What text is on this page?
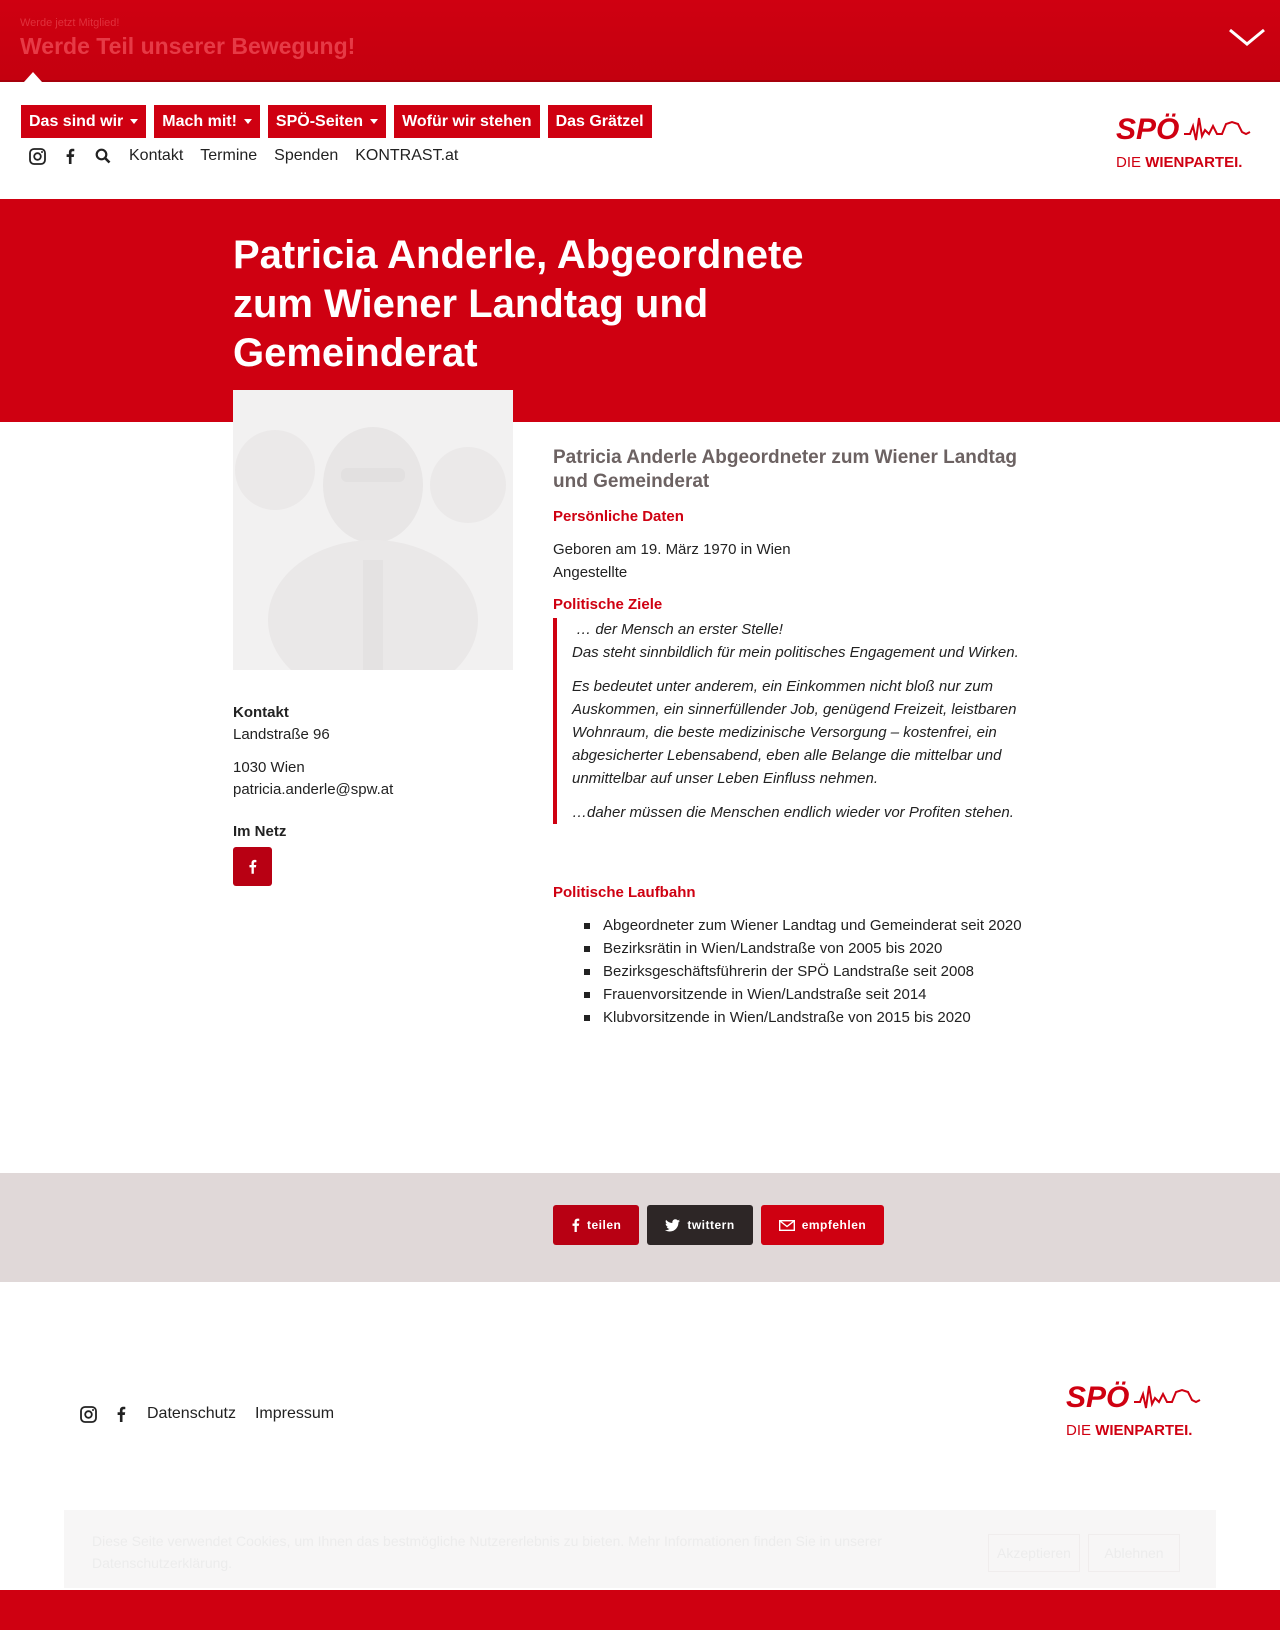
Werde jetzt Mitglied!
Werde Teil unserer Bewegung!
Das sind wir	Mach mit!	SPÖ-Seiten	Wofür wir stehen	Das Grätzel
Kontakt Termine Spenden KONTRAST.at
SPÖ
DIE WIENPARTEI.
Patricia Anderle, Abgeordnete zum Wiener Landtag und Gemeinderat
Kontakt
Landstraße 96
1030 Wien
patricia.anderle@spw.at
Im Netz
Patricia Anderle Abgeordneter zum Wiener Landtag und Gemeinderat
Persönliche Daten

Geboren am 19. März 1970 in Wien

Angestellte

Politische Ziele

… der Mensch an erster Stelle!
Das steht sinnbildlich für mein politisches Engagement und Wirken.

Es bedeutet unter anderem, ein Einkommen nicht bloß nur zum Auskommen, ein sinnerfüllender Job, genügend Freizeit, leistbaren Wohnraum, die beste medizinische Versorgung – kostenfrei, ein abgesicherter Lebensabend, eben alle Belange die mittelbar und unmittelbar auf unser Leben Einfluss nehmen.

…daher müssen die Menschen endlich wieder vor Profiten stehen.

Politische Laufbahn
Abgeordneter zum Wiener Landtag und Gemeinderat seit 2020
Bezirksrätin in Wien/Landstraße von 2005 bis 2020
Bezirksgeschäftsführerin der SPÖ Landstraße seit 2008
Frauenvorsitzende in Wien/Landstraße seit 2014
Klubvorsitzende in Wien/Landstraße von 2015 bis 2020
teilen	twittern	empfehlen
Datenschutz Impressum	SPÖ
DIE WIENPARTEI.
Diese Seite verwendet Cookies, um Ihnen das bestmögliche Nutzererlebnis zu bieten. Mehr Informationen finden Sie in unserer Datenschutzerklärung.
Akzeptieren	Ablehnen
